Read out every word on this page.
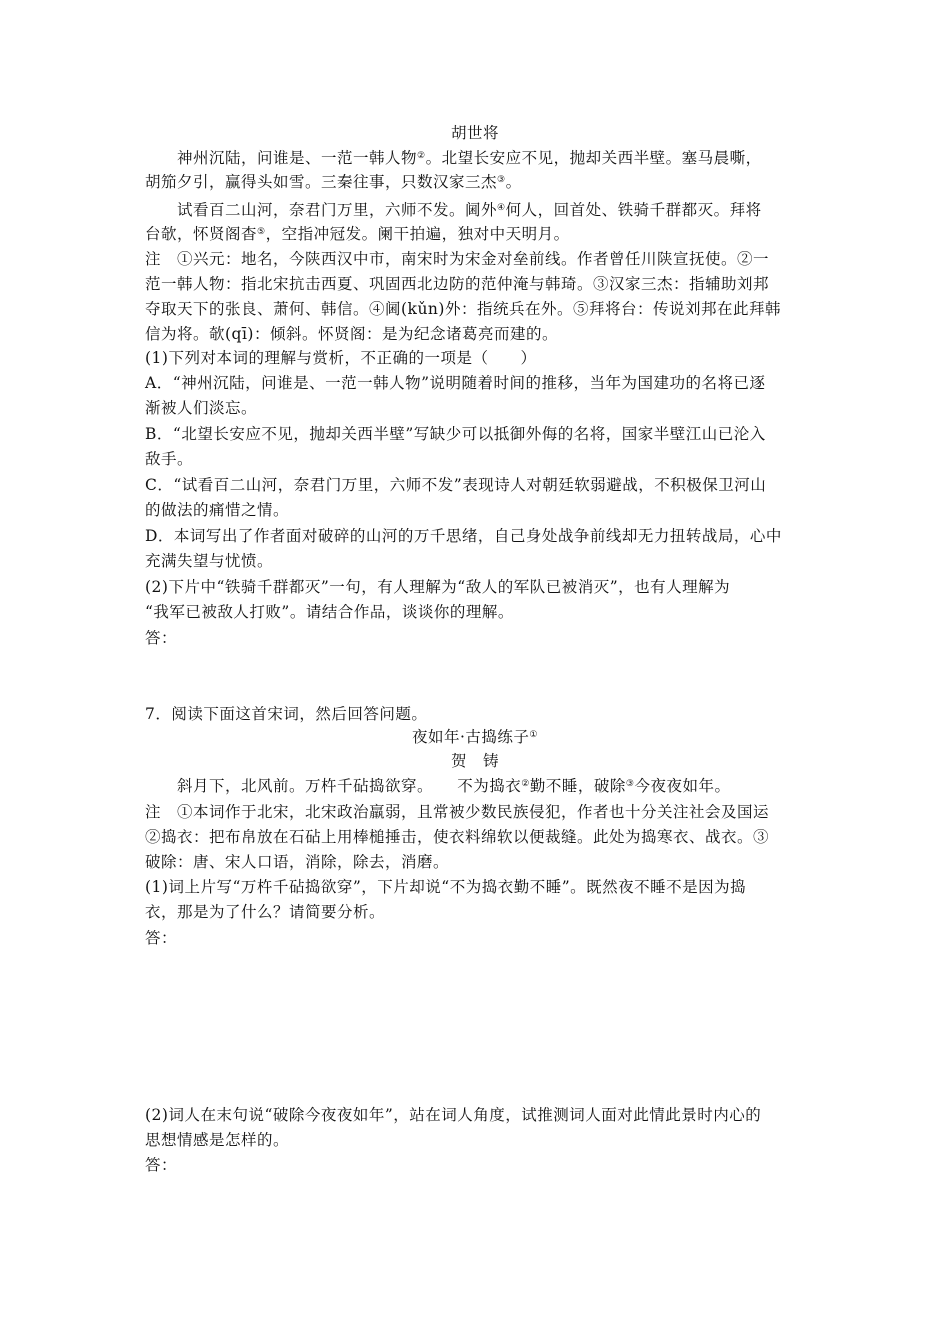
胡世将
神州沉陆，问谁是、一范一韩人物②。北望长安应不见，抛却关西半壁。塞马晨嘶，
胡笳夕引，赢得头如雪。三秦往事，只数汉家三杰③。
试看百二山河，奈君门万里，六师不发。阃外④何人，回首处、铁骑千群都灭。拜将
台欹，怀贤阁杳⑤，空指冲冠发。阑干拍遍，独对中天明月。
注　①兴元：地名，今陕西汉中市，南宋时为宋金对垒前线。作者曾任川陕宣抚使。②一
范一韩人物：指北宋抗击西夏、巩固西北边防的范仲淹与韩琦。③汉家三杰：指辅助刘邦
夺取天下的张良、萧何、韩信。④阃(kǔn)外：指统兵在外。⑤拜将台：传说刘邦在此拜韩
信为将。欹(qī)：倾斜。怀贤阁：是为纪念诸葛亮而建的。
(1)下列对本词的理解与赏析，不正确的一项是（　　）
A．“神州沉陆，问谁是、一范一韩人物”说明随着时间的推移，当年为国建功的名将已逐
渐被人们淡忘。
B．“北望长安应不见，抛却关西半壁”写缺少可以抵御外侮的名将，国家半壁江山已沦入
敌手。
C．“试看百二山河，奈君门万里，六师不发”表现诗人对朝廷软弱避战，不积极保卫河山
的做法的痛惜之情。
D．本词写出了作者面对破碎的山河的万千思绪，自己身处战争前线却无力扭转战局，心中
充满失望与忧愤。
(2)下片中“铁骑千群都灭”一句，有人理解为“敌人的军队已被消灭”，也有人理解为
“我军已被敌人打败”。请结合作品，谈谈你的理解。
答：
7．阅读下面这首宋词，然后回答问题。
夜如年·古捣练子①
贺　铸
斜月下，北风前。万杵千砧捣欲穿。　　不为捣衣②勤不睡，破除③今夜夜如年。
注　①本词作于北宋，北宋政治羸弱，且常被少数民族侵犯，作者也十分关注社会及国运
②捣衣：把布帛放在石砧上用棒槌捶击，使衣料绵软以便裁缝。此处为捣寒衣、战衣。③
破除：唐、宋人口语，消除，除去，消磨。
(1)词上片写“万杵千砧捣欲穿”，下片却说“不为捣衣勤不睡”。既然夜不睡不是因为捣
衣，那是为了什么？请简要分析。
答：
(2)词人在末句说“破除今夜夜如年”，站在词人角度，试推测词人面对此情此景时内心的
思想情感是怎样的。
答：
